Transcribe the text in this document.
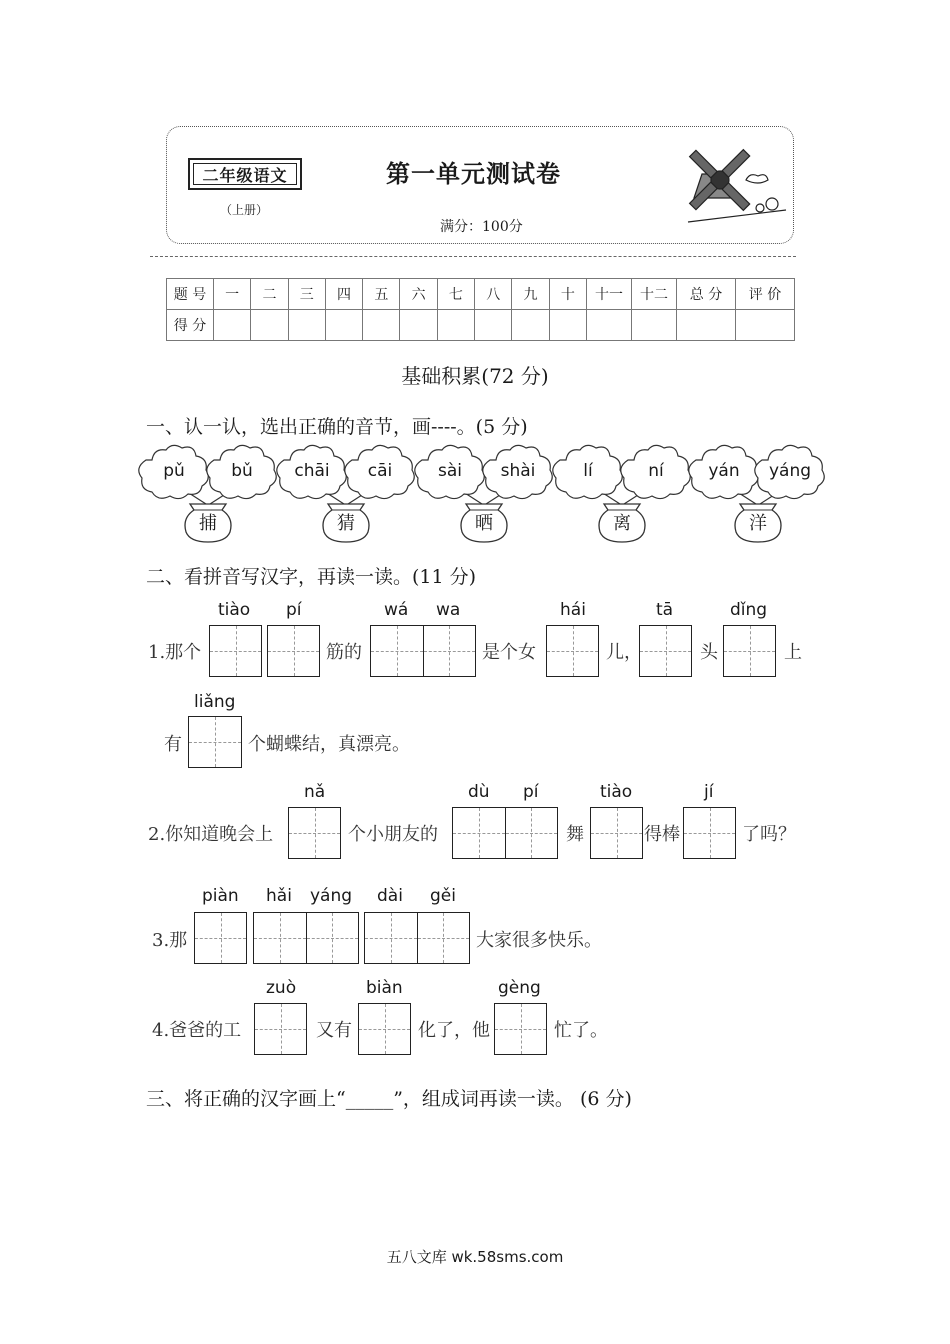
二年级语文
（上册）
第一单元测试卷
满分：100分
题 号	一	二	三	四	五	六	七	八	九	十	十一	十二	总 分	评 价
得 分														
基础积累(72 分)
一、认一认，选出正确的音节，画----。(5 分)
pǔ	bǔ
捕
chāi	cāi
猜
sài	shài
晒
lí	ní
离
yán	yáng
洋
二、看拼音写汉字，再读一读。(11 分)
1.那个
tiào pí
筋的
wá wa
是个女
hái
儿，
tā
头
dǐng
上
有
liǎng
个蝴蝶结，真漂亮。
2.你知道晚会上
nǎ
个小朋友的
dù pí
舞
tiào
得棒
jí
了吗？
3.那
piàn hǎi yáng dài gěi
大家很多快乐。
4.爸爸的工
zuò
又有
biàn
化了，他
gèng
忙了。
三、将正确的汉字画上“_____”，组成词再读一读。 (6 分)
五八文库 wk.58sms.com
